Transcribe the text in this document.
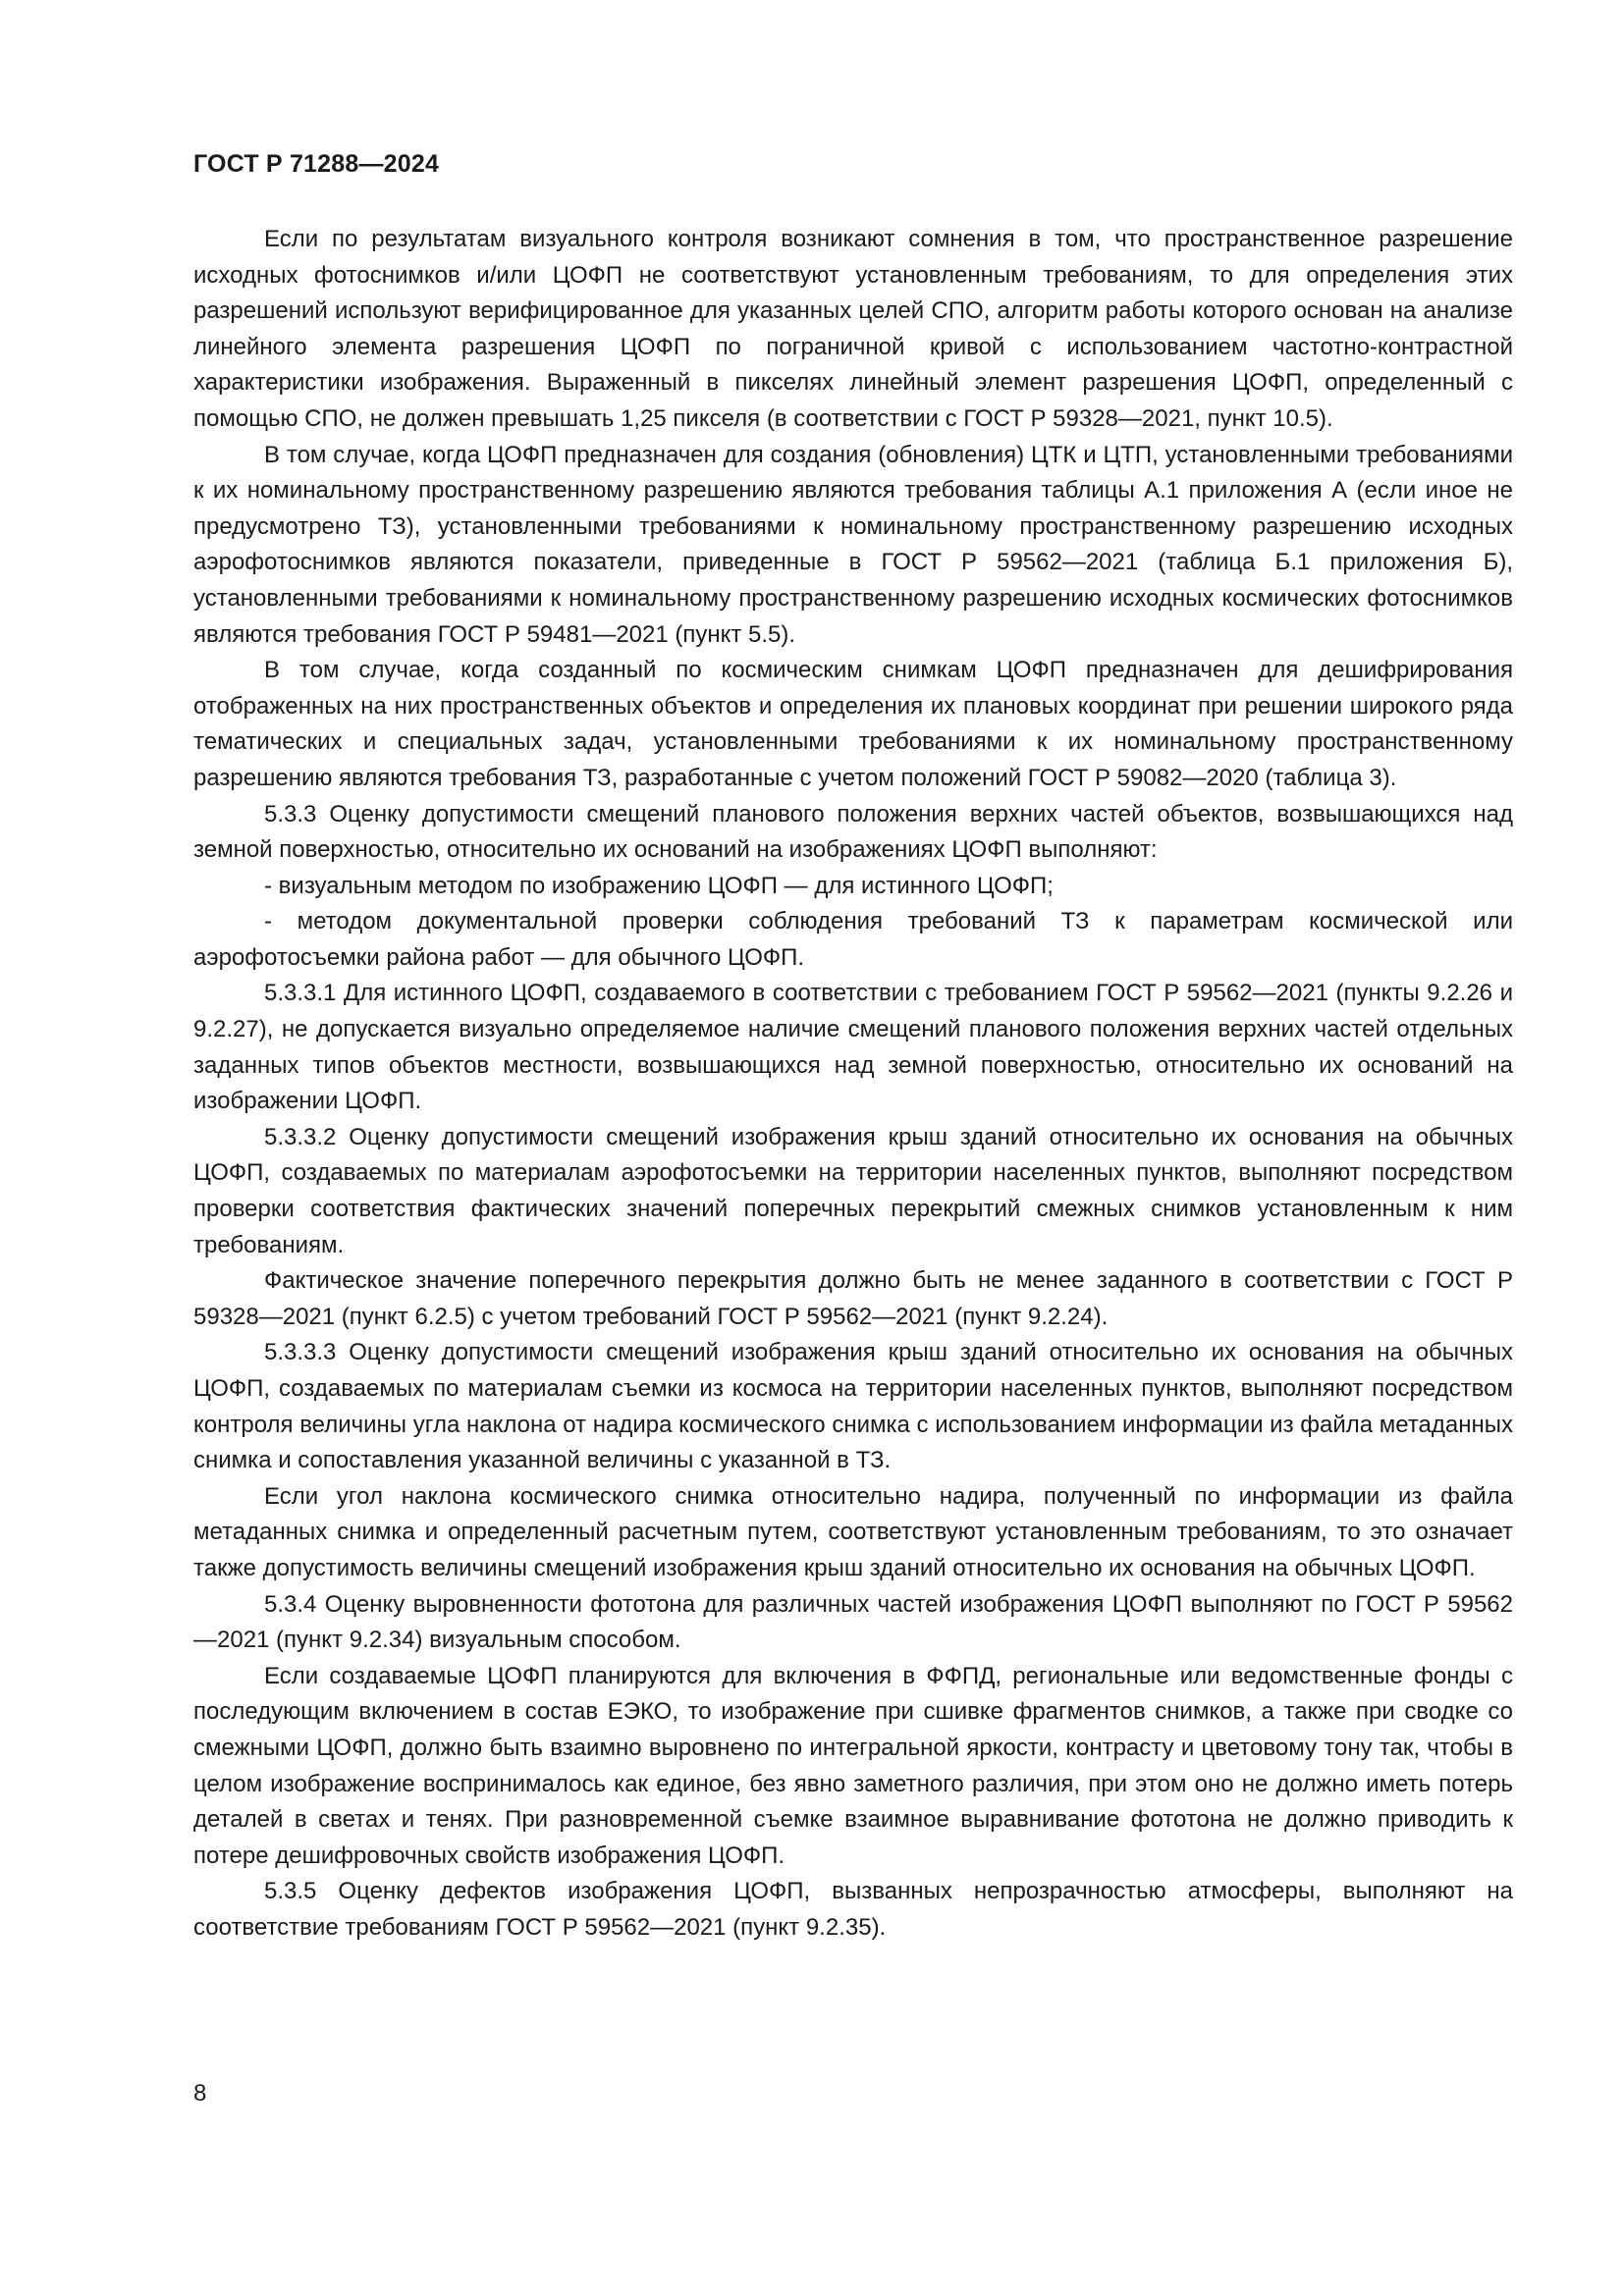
ГОСТ Р 71288—2024

Если по результатам визуального контроля возникают сомнения в том, что пространственное разрешение исходных фотоснимков и/или ЦОФП не соответствуют установленным требованиям, то для определения этих разрешений используют верифицированное для указанных целей СПО, алгоритм работы которого основан на анализе линейного элемента разрешения ЦОФП по пограничной кривой с использованием частотно-контрастной характеристики изображения. Выраженный в пикселях линейный элемент разрешения ЦОФП, определенный с помощью СПО, не должен превышать 1,25 пикселя (в соответствии с ГОСТ Р 59328—2021, пункт 10.5).

В том случае, когда ЦОФП предназначен для создания (обновления) ЦТК и ЦТП, установленными требованиями к их номинальному пространственному разрешению являются требования таблицы А.1 приложения А (если иное не предусмотрено ТЗ), установленными требованиями к номинальному пространственному разрешению исходных аэрофотоснимков являются показатели, приведенные в ГОСТ Р 59562—2021 (таблица Б.1 приложения Б), установленными требованиями к номинальному пространственному разрешению исходных космических фотоснимков являются требования ГОСТ Р 59481—2021 (пункт 5.5).

В том случае, когда созданный по космическим снимкам ЦОФП предназначен для дешифрирования отображенных на них пространственных объектов и определения их плановых координат при решении широкого ряда тематических и специальных задач, установленными требованиями к их номинальному пространственному разрешению являются требования ТЗ, разработанные с учетом положений ГОСТ Р 59082—2020 (таблица 3).

5.3.3 Оценку допустимости смещений планового положения верхних частей объектов, возвышающихся над земной поверхностью, относительно их оснований на изображениях ЦОФП выполняют:

- визуальным методом по изображению ЦОФП — для истинного ЦОФП;

- методом документальной проверки соблюдения требований ТЗ к параметрам космической или аэрофотосъемки района работ — для обычного ЦОФП.

5.3.3.1 Для истинного ЦОФП, создаваемого в соответствии с требованием ГОСТ Р 59562—2021 (пункты 9.2.26 и 9.2.27), не допускается визуально определяемое наличие смещений планового положения верхних частей отдельных заданных типов объектов местности, возвышающихся над земной поверхностью, относительно их оснований на изображении ЦОФП.

5.3.3.2 Оценку допустимости смещений изображения крыш зданий относительно их основания на обычных ЦОФП, создаваемых по материалам аэрофотосъемки на территории населенных пунктов, выполняют посредством проверки соответствия фактических значений поперечных перекрытий смежных снимков установленным к ним требованиям.

Фактическое значение поперечного перекрытия должно быть не менее заданного в соответствии с ГОСТ Р 59328—2021 (пункт 6.2.5) с учетом требований ГОСТ Р 59562—2021 (пункт 9.2.24).

5.3.3.3 Оценку допустимости смещений изображения крыш зданий относительно их основания на обычных ЦОФП, создаваемых по материалам съемки из космоса на территории населенных пунктов, выполняют посредством контроля величины угла наклона от надира космического снимка с использованием информации из файла метаданных снимка и сопоставления указанной величины с указанной в ТЗ.

Если угол наклона космического снимка относительно надира, полученный по информации из файла метаданных снимка и определенный расчетным путем, соответствуют установленным требованиям, то это означает также допустимость величины смещений изображения крыш зданий относительно их основания на обычных ЦОФП.

5.3.4 Оценку выровненности фототона для различных частей изображения ЦОФП выполняют по ГОСТ Р 59562—2021 (пункт 9.2.34) визуальным способом.

Если создаваемые ЦОФП планируются для включения в ФФПД, региональные или ведомственные фонды с последующим включением в состав ЕЭКО, то изображение при сшивке фрагментов снимков, а также при сводке со смежными ЦОФП, должно быть взаимно выровнено по интегральной яркости, контрасту и цветовому тону так, чтобы в целом изображение воспринималось как единое, без явно заметного различия, при этом оно не должно иметь потерь деталей в светах и тенях. При разновременной съемке взаимное выравнивание фототона не должно приводить к потере дешифровочных свойств изображения ЦОФП.

5.3.5 Оценку дефектов изображения ЦОФП, вызванных непрозрачностью атмосферы, выполняют на соответствие требованиям ГОСТ Р 59562—2021 (пункт 9.2.35).

8
